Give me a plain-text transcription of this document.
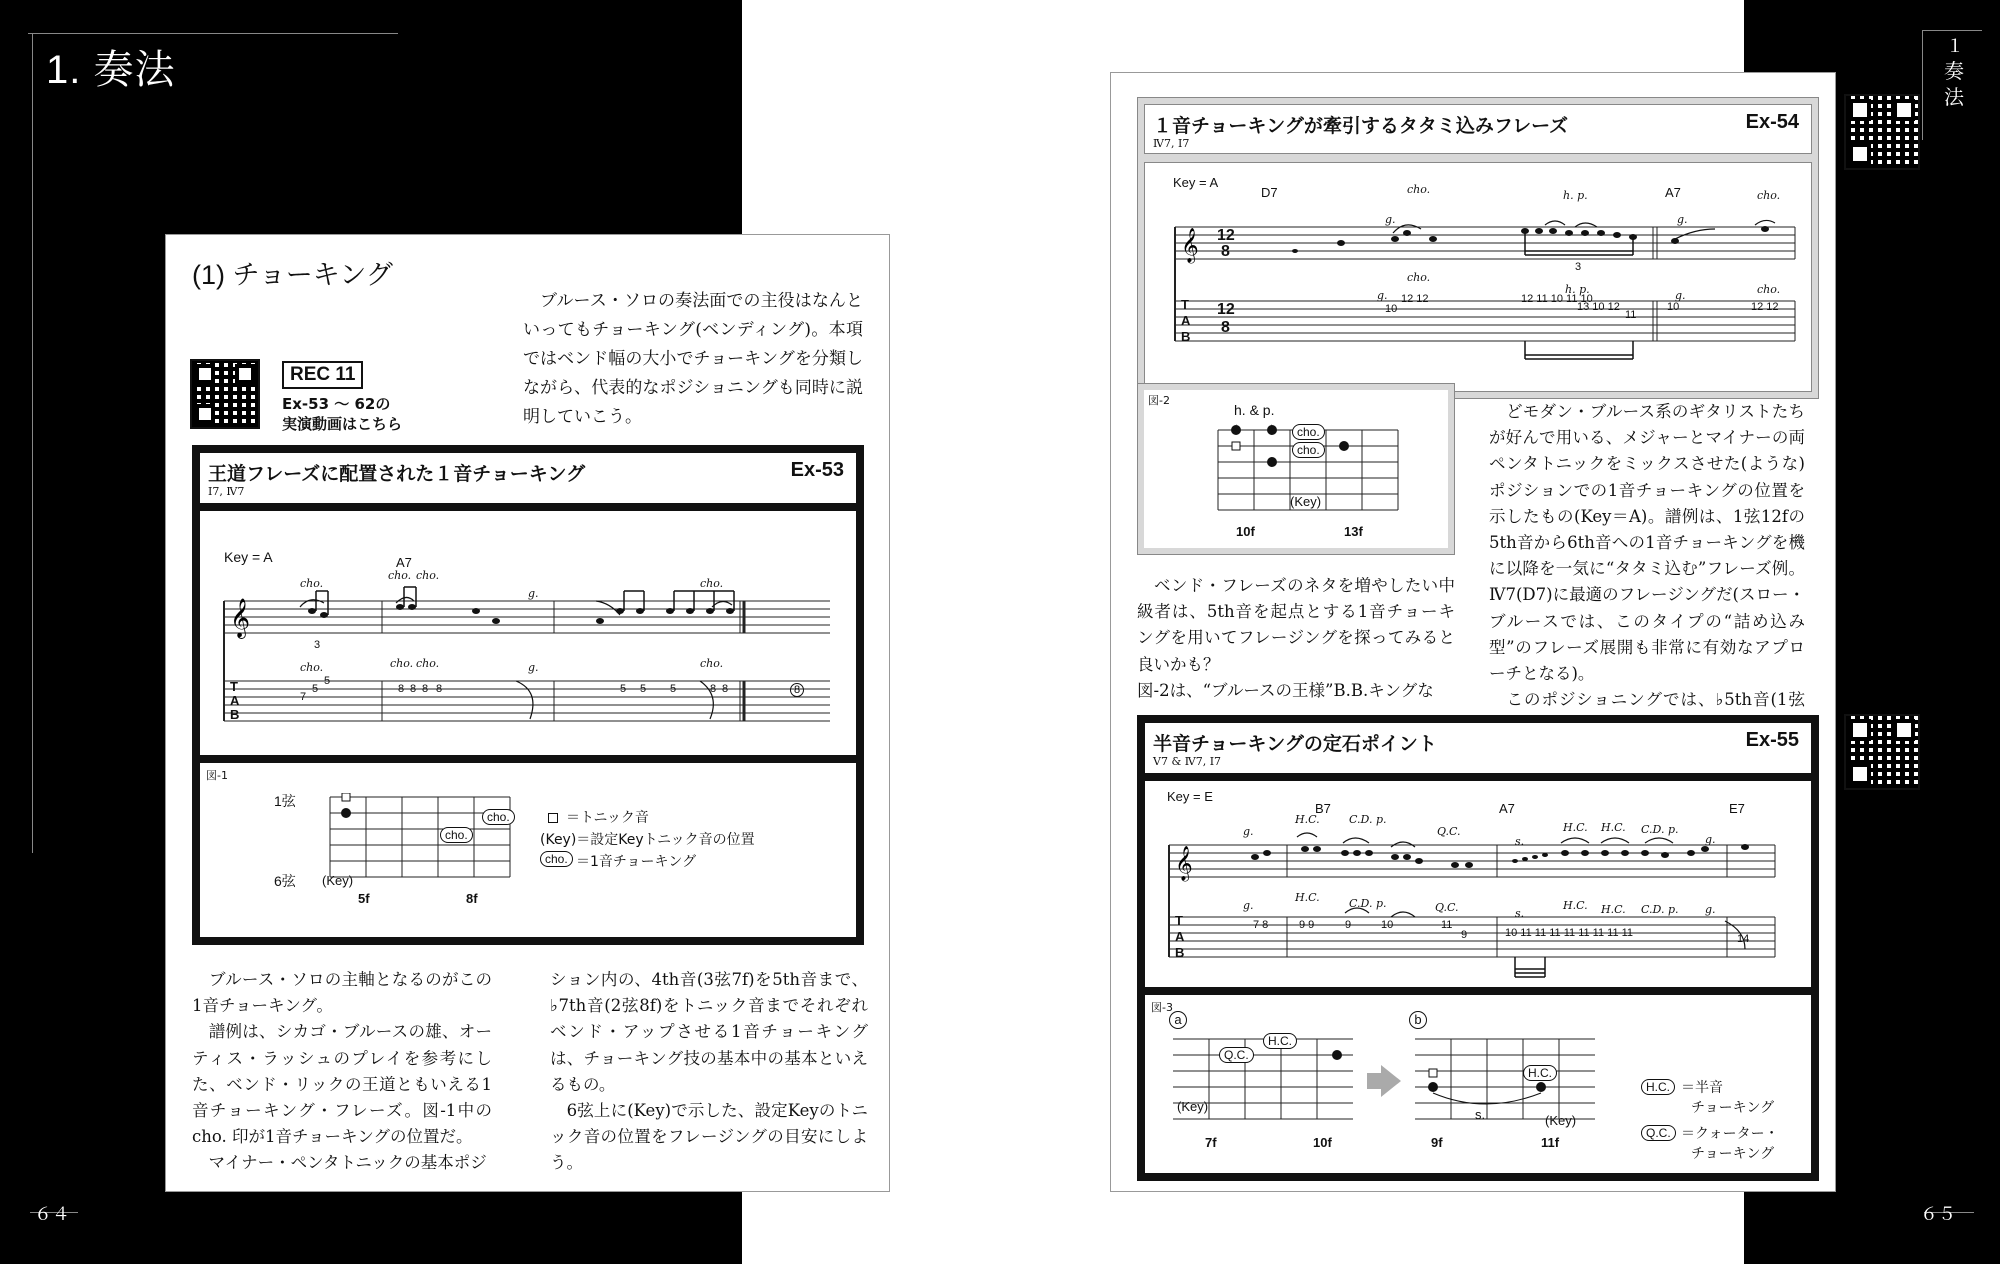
1. 奏法
６４
(1) チョーキング
ブルース・ソロの奏法面での主役はなんといってもチョーキング(ベンディング)。本項ではベンド幅の大小でチョーキングを分類しながら、代表的なポジショニングも同時に説明していこう。
REC 11
Ex-53 ～ 62の
実演動画はこちら
王道フレーズに配置された１音チョーキング	Ex-53
Ⅰ7, Ⅳ7
𝄞
Key = A	A7
cho.
cho. cho.
g.
cho.
cho.	cho. cho.	g.	cho.
T
A
B
7
5
5
8 8 8 8	5 5 5	8 8	8
3
図-1
1弦
6弦
cho.
cho.
(Key)
5f	8f
＝トニック音
(Key)＝設定Keyトニック音の位置
cho. ＝1音チョーキング
ブルース・ソロの主軸となるのがこの1音チョーキング。
　譜例は、シカゴ・ブルースの雄、オーティス・ラッシュのプレイを参考にした、ベンド・リックの王道ともいえる1音チョーキング・フレーズ。図-1中の cho. 印が1音チョーキングの位置だ。
　マイナー・ペンタトニックの基本ポジ
ション内の、4th音(3弦7f)を5th音まで、♭7th音(2弦8f)をトニック音までそれぞれベンド・アップさせる1音チョーキングは、チョーキング技の基本中の基本といえるもの。
　6弦上に(Key)で示した、設定Keyのトニック音の位置をフレージングの目安にしよう。
１
奏法
６５
１音チョーキングが牽引するタタミ込みフレーズ	Ex-54
Ⅳ7, Ⅰ7
𝄞
Key = A
D7	A7
g.
cho.	h. p.
g.
cho.
g.
cho.
h. p.	g.	cho.
12
8
12
8
T
A
B
10
12 12	12 11 10 11 10
13 10 12
11
10	12 12
3
図-2
h. & p.
cho.
cho.
(Key)
10f	13f
どモダン・ブルース系のギタリストたちが好んで用いる、メジャーとマイナーの両ペンタトニックをミックスさせた(ような)ポジションでの1音チョーキングの位置を示したもの(Key＝A)。譜例は、1弦12fの5th音から6th音への1音チョーキングを機に以降を一気に“タタミ込む”フレーズ例。Ⅳ7(D7)に最適のフレージングだ(スロー・ブルースでは、このタイプの“詰め込み型”のフレーズ展開も非常に有効なアプローチとなる)。
　このポジショニングでは、♭5th音(1弦
ベンド・フレーズのネタを増やしたい中級者は、5th音を起点とする1音チョーキングを用いてフレージングを探ってみると良いかも？
図-2は、“ブルースの王様”B.B.キングな
半音チョーキングの定石ポイント	Ex-55
Ⅴ7 & Ⅳ7, Ⅰ7
𝄞
Key = E
B7	A7	E7
g.
H.C.	C.D. p.
Q.C.
s.
H.C. H.C. C.D. p.
g.
g.
H.C.	C.D. p.	Q.C.	s.
H.C. H.C. C.D. p. g.
T
A
B
7 8	9 9	9	10	11
9	10 11 11 11 11 11 11 11 11	14
図-3
a
Q.C.
H.C.
(Key)
7f	10f
b
H.C.
s.	(Key)
9f	11f
H.C. ＝半音
チョーキング
Q.C. ＝クォーター・
チョーキング
